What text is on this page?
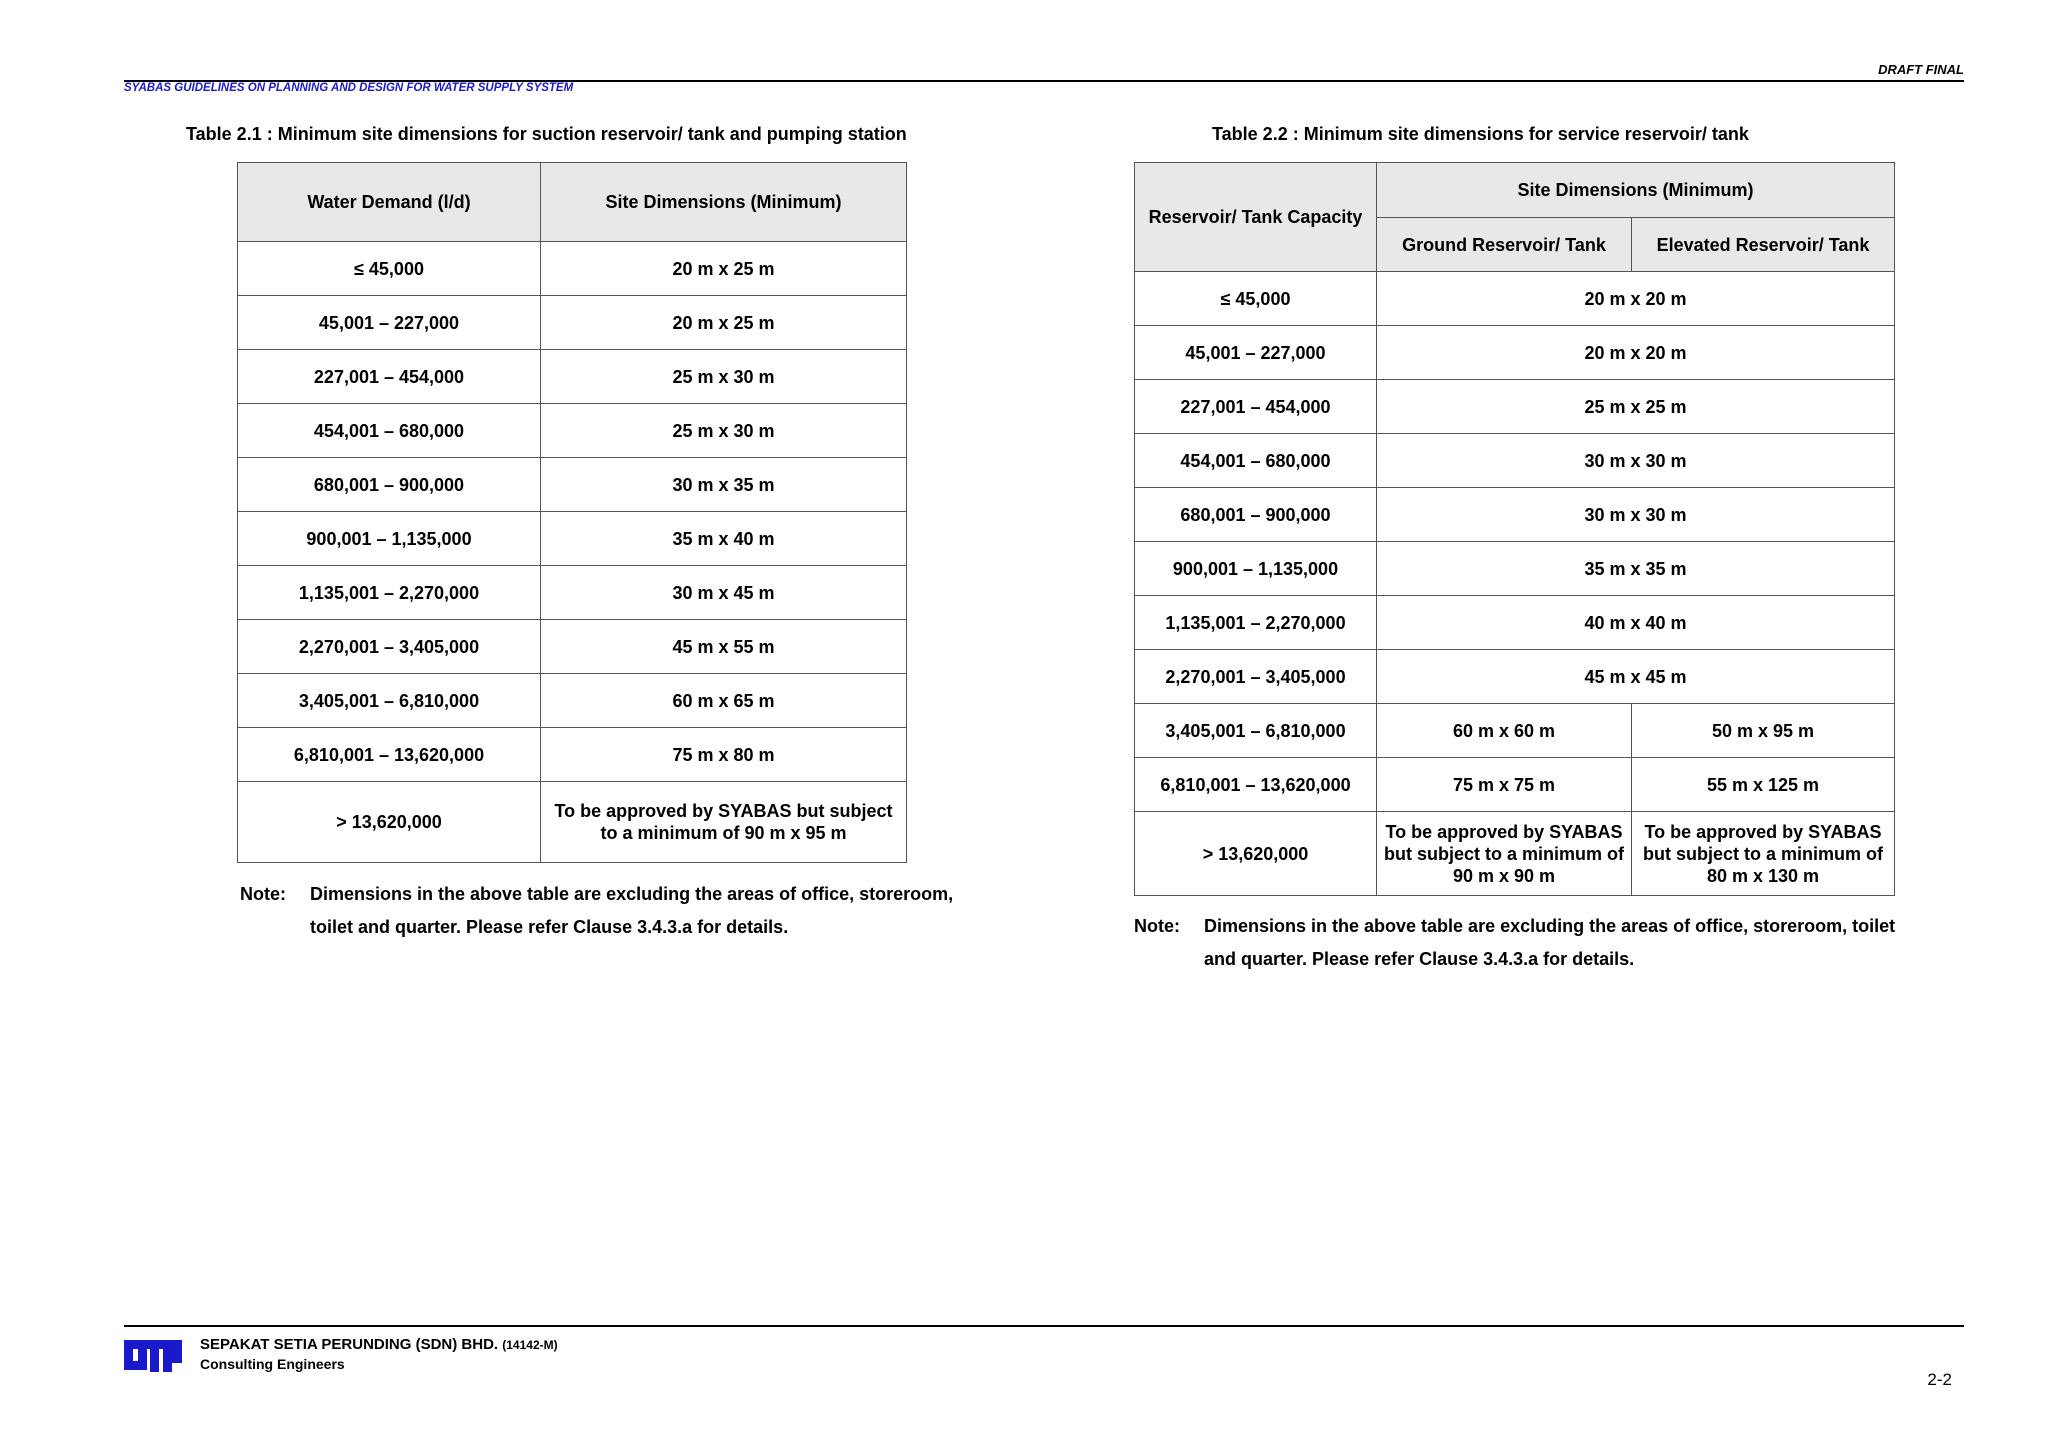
DRAFT FINAL
SYABAS GUIDELINES ON PLANNING AND DESIGN FOR WATER SUPPLY SYSTEM
Table 2.1 : Minimum site dimensions for suction reservoir/ tank and pumping station
Water Demand (l/d)	Site Dimensions (Minimum)
≤ 45,000	20 m x 25 m
45,001 – 227,000	20 m x 25 m
227,001 – 454,000	25 m x 30 m
454,001 – 680,000	25 m x 30 m
680,001 – 900,000	30 m x 35 m
900,001 – 1,135,000	35 m x 40 m
1,135,001 – 2,270,000	30 m x 45 m
2,270,001 – 3,405,000	45 m x 55 m
3,405,001 – 6,810,000	60 m x 65 m
6,810,001 – 13,620,000	75 m x 80 m
> 13,620,000	To be approved by SYABAS but subject to a minimum of 90 m x 95 m
Note: Dimensions in the above table are excluding the areas of office, storeroom,
toilet and quarter. Please refer Clause 3.4.3.a for details.
Table 2.2 : Minimum site dimensions for service reservoir/ tank
Reservoir/ Tank Capacity	Site Dimensions (Minimum)	
	Ground Reservoir/ Tank	Elevated Reservoir/ Tank
≤ 45,000	20 m x 20 m	
45,001 – 227,000	20 m x 20 m	
227,001 – 454,000	25 m x 25 m	
454,001 – 680,000	30 m x 30 m	
680,001 – 900,000	30 m x 30 m	
900,001 – 1,135,000	35 m x 35 m	
1,135,001 – 2,270,000	40 m x 40 m	
2,270,001 – 3,405,000	45 m x 45 m	
3,405,001 – 6,810,000	60 m x 60 m	50 m x 95 m
6,810,001 – 13,620,000	75 m x 75 m	55 m x 125 m
> 13,620,000	To be approved by SYABAS but subject to a minimum of 90 m x 90 m	To be approved by SYABAS but subject to a minimum of 80 m x 130 m
Note: Dimensions in the above table are excluding the areas of office, storeroom, toilet
and quarter. Please refer Clause 3.4.3.a for details.
SEPAKAT SETIA PERUNDING (SDN) BHD. (14142-M)
Consulting Engineers
2-2
